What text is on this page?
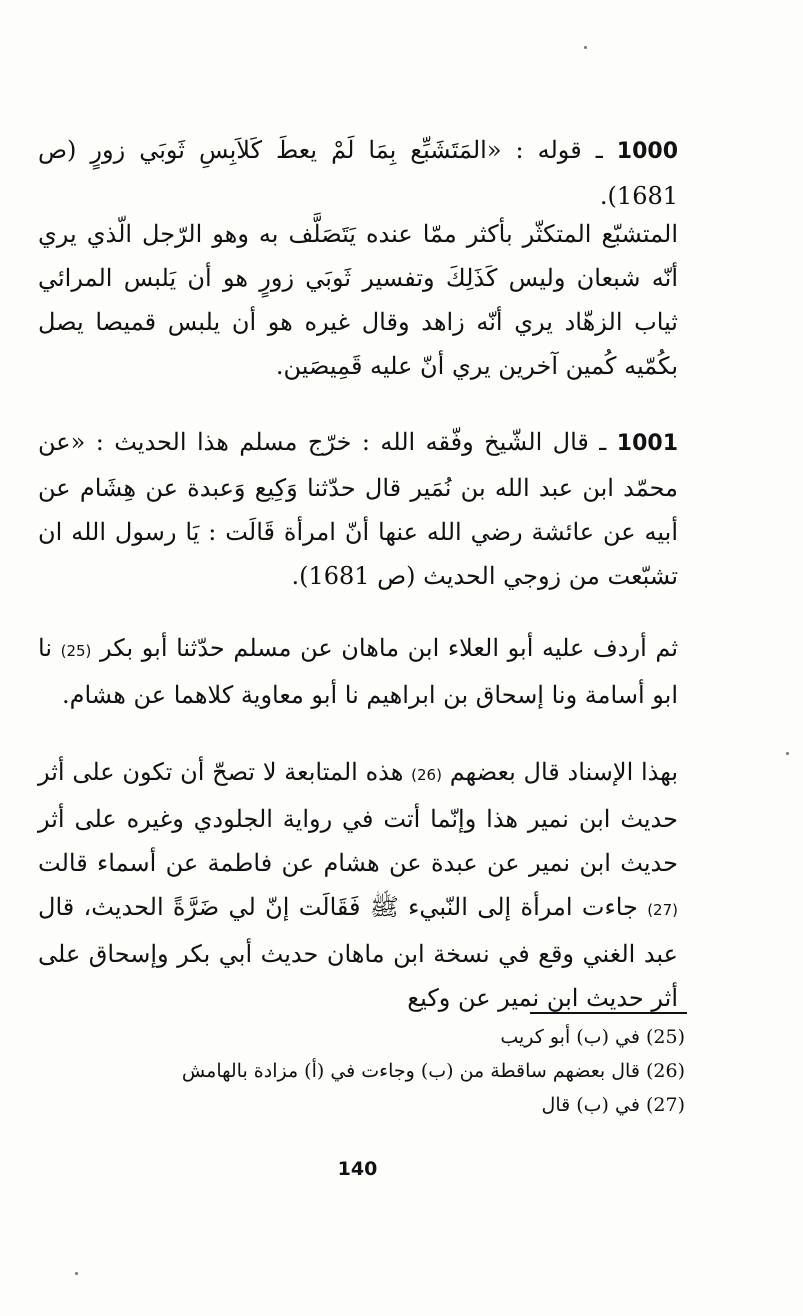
1000 ـ قوله : «المَتَشَبِّع بِمَا لَمْ يعطَ كَلاَبِسِ ثَوبَي زورٍ (ص 1681).

المتشبّع المتكثّر بأكثر ممّا عنده يَتَصَلَّف به وهو الرّجل الّذي يري أنّه شبعان وليس كَذَلِكَ وتفسير ثَوبَي زورٍ هو أن يَلبس المرائي ثياب الزهّاد يري أنّه زاهد وقال غيره هو أن يلبس قميصا يصل بكُمّيه كُمين آخرين يري أنّ عليه قَمِيصَين.

1001 ـ قال الشّيخ وفّقه الله : خرّج مسلم هذا الحديث : «عن محمّد ابن عبد الله بن نُمَير قال حدّثنا وَكِيع وَعبدة عن هِشَام عن أبيه عن عائشة رضي الله عنها أنّ امرأة قَالَت : يَا رسول الله ان تشبّعت من زوجي الحديث (ص 1681).

ثم أردف عليه أبو العلاء ابن ماهان عن مسلم حدّثنا أبو بكر (25) نا ابو أسامة ونا إسحاق بن ابراهيم نا أبو معاوية كلاهما عن هشام.

بهذا الإسناد قال بعضهم (26) هذه المتابعة لا تصحّ أن تكون على أثر حديث ابن نمير هذا وإنّما أتت في رواية الجلودي وغيره على أثر حديث ابن نمير عن عبدة عن هشام عن فاطمة عن أسماء قالت (27) جاءت امرأة إلى النّبيء ﷺ فَقَالَت إنّ لي ضَرَّةً الحديث، قال عبد الغني وقع في نسخة ابن ماهان حديث أبي بكر وإسحاق على أثر حديث ابن نمير عن وكيع

(25) في (ب) أبو كريب
(26) قال بعضهم ساقطة من (ب) وجاءت في (أ) مزادة بالهامش
(27) في (ب) قال
140
